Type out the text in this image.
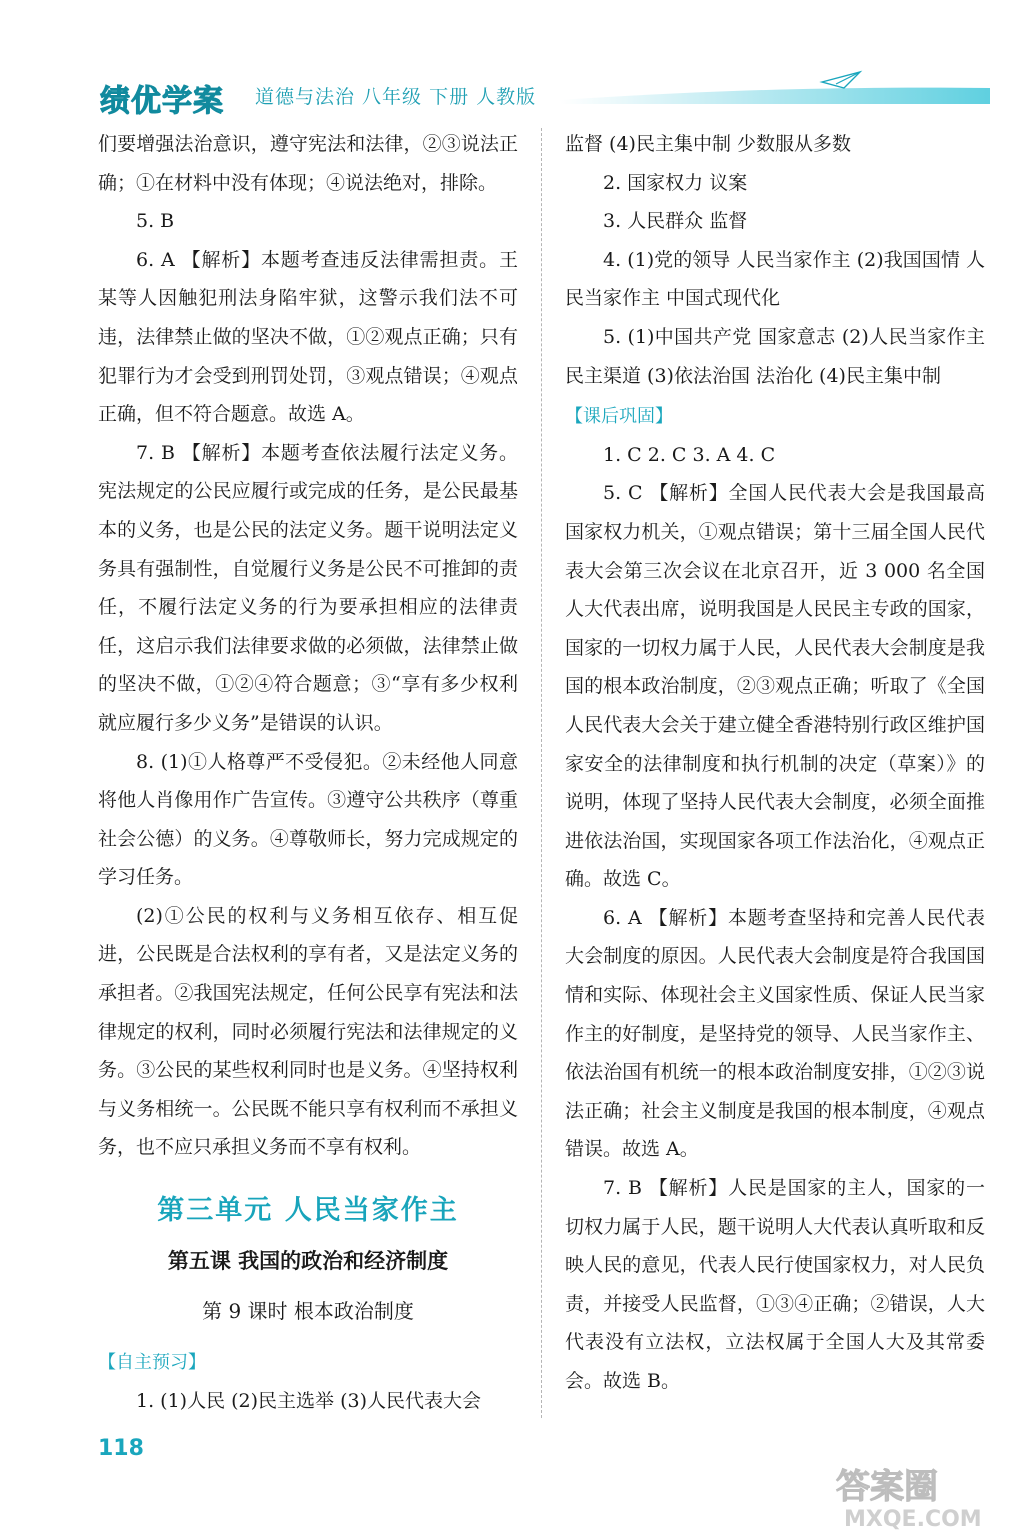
绩优学案 道德与法治 八年级 下册 人教版

们要增强法治意识，遵守宪法和法律，②③说法正确；①在材料中没有体现；④说法绝对，排除。

5. B

6. A 【解析】本题考查违反法律需担责。王某等人因触犯刑法身陷牢狱，这警示我们法不可违，法律禁止做的坚决不做，①②观点正确；只有犯罪行为才会受到刑罚处罚，③观点错误；④观点正确，但不符合题意。故选 A。

7. B 【解析】本题考查依法履行法定义务。宪法规定的公民应履行或完成的任务，是公民最基本的义务，也是公民的法定义务。题干说明法定义务具有强制性，自觉履行义务是公民不可推卸的责任，不履行法定义务的行为要承担相应的法律责任，这启示我们法律要求做的必须做，法律禁止做的坚决不做，①②④符合题意；③“享有多少权利就应履行多少义务”是错误的认识。

8. (1)①人格尊严不受侵犯。②未经他人同意将他人肖像用作广告宣传。③遵守公共秩序（尊重社会公德）的义务。④尊敬师长，努力完成规定的学习任务。

(2)①公民的权利与义务相互依存、相互促进，公民既是合法权利的享有者，又是法定义务的承担者。②我国宪法规定，任何公民享有宪法和法律规定的权利，同时必须履行宪法和法律规定的义务。③公民的某些权利同时也是义务。④坚持权利与义务相统一。公民既不能只享有权利而不承担义务，也不应只承担义务而不享有权利。

第三单元 人民当家作主
第五课 我国的政治和经济制度
第 9 课时 根本政治制度
【自主预习】

1. (1)人民 (2)民主选举 (3)人民代表大会

监督 (4)民主集中制 少数服从多数

2. 国家权力 议案

3. 人民群众 监督

4. (1)党的领导 人民当家作主 (2)我国国情 人民当家作主 中国式现代化

5. (1)中国共产党 国家意志 (2)人民当家作主 民主渠道 (3)依法治国 法治化 (4)民主集中制

【课后巩固】

1. C 2. C 3. A 4. C

5. C 【解析】全国人民代表大会是我国最高国家权力机关，①观点错误；第十三届全国人民代表大会第三次会议在北京召开，近 3 000 名全国人大代表出席，说明我国是人民民主专政的国家，国家的一切权力属于人民，人民代表大会制度是我国的根本政治制度，②③观点正确；听取了《全国人民代表大会关于建立健全香港特别行政区维护国家安全的法律制度和执行机制的决定（草案）》的说明，体现了坚持人民代表大会制度，必须全面推进依法治国，实现国家各项工作法治化，④观点正确。故选 C。

6. A 【解析】本题考查坚持和完善人民代表大会制度的原因。人民代表大会制度是符合我国国情和实际、体现社会主义国家性质、保证人民当家作主的好制度，是坚持党的领导、人民当家作主、依法治国有机统一的根本政治制度安排，①②③说法正确；社会主义制度是我国的根本制度，④观点错误。故选 A。

7. B 【解析】人民是国家的主人，国家的一切权力属于人民，题干说明人大代表认真听取和反映人民的意见，代表人民行使国家权力，对人民负责，并接受人民监督，①③④正确；②错误，人大代表没有立法权，立法权属于全国人大及其常委会。故选 B。

118
答案圈
MXQE.COM
